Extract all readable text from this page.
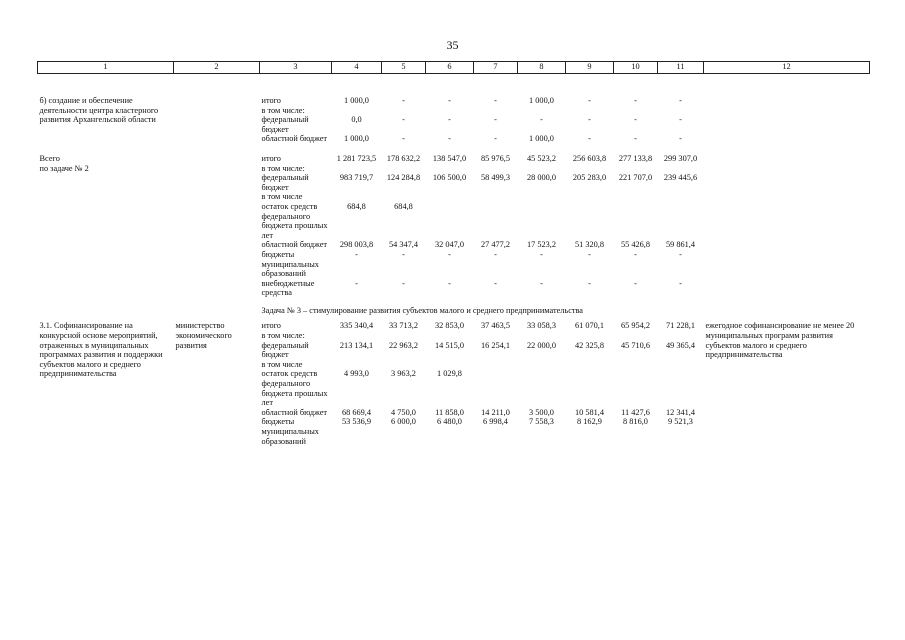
35
1	2	3	4	5	6	7	8	9	10	11	12	

б) создание и обеспечение деятельности центра кластерного развития Архангельской области		итого	1 000,0	-	-	-	1 000,0	-	-	-		
		в том числе:										
		федеральный бюджет	0,0	-	-	-	-	-	-	-		
		областной бюджет	1 000,0	-	-	-	1 000,0	-	-	-		

Всего
по задаче № 2		итого	1 281 723,5	178 632,2	138 547,0	85 976,5	45 523,2	256 603,8	277 133,8	299 307,0		
		в том числе:										
		федеральный бюджет	983 719,7	124 284,8	106 500,0	58 499,3	28 000,0	205 283,0	221 707,0	239 445,6		
		в том числе										
		остаток средств федерального бюджета прошлых лет	684,8	684,8								
		областной бюджет	298 003,8	54 347,4	32 047,0	27 477,2	17 523,2	51 320,8	55 426,8	59 861,4		
		бюджеты муниципальных образований	-	-	-	-	-	-	-	-		
		внебюджетные средства	-	-	-	-	-	-	-	-		

		Задача № 3 – стимулирование развития субъектов малого и среднего предпринимательства										

3.1. Софинансирование на конкурсной основе мероприятий, отраженных в муниципальных программах развития и поддержки субъектов малого и среднего предпринимательства	министерство экономического развития	итого	335 340,4	33 713,2	32 853,0	37 463,5	33 058,3	61 070,1	65 954,2	71 228,1	ежегодное софинансирование не менее 20 муниципальных программ развития субъектов малого и среднего предпринимательства	
		в том числе:										
		федеральный бюджет	213 134,1	22 963,2	14 515,0	16 254,1	22 000,0	42 325,8	45 710,6	49 365,4		
		в том числе										
		остаток средств федерального бюджета прошлых лет	4 993,0	3 963,2	1 029,8							
		областной бюджет	68 669,4	4 750,0	11 858,0	14 211,0	3 500,0	10 581,4	11 427,6	12 341,4		
		бюджеты муниципальных образований	53 536,9	6 000,0	6 480,0	6 998,4	7 558,3	8 162,9	8 816,0	9 521,3		
